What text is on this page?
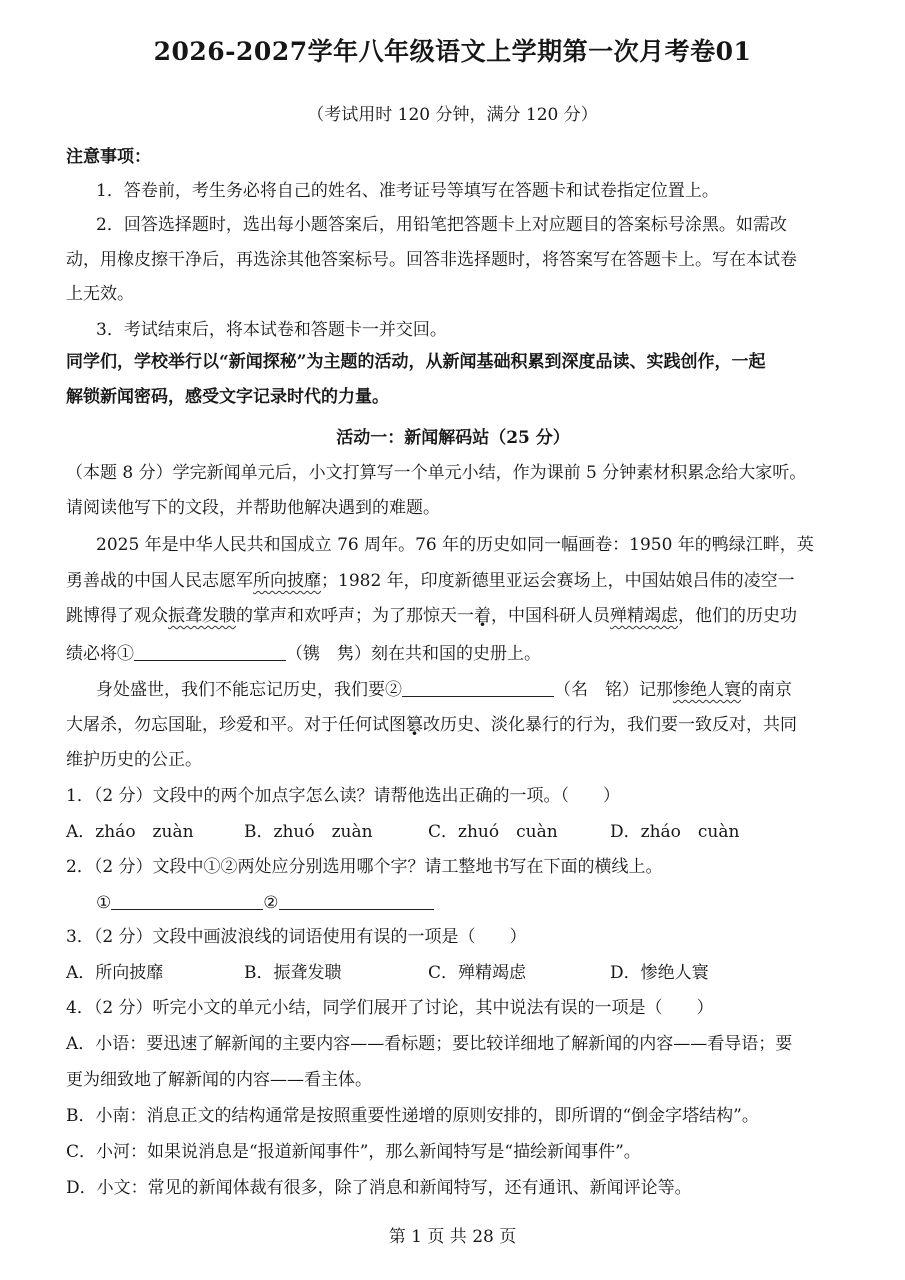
2026-2027学年八年级语文上学期第一次月考卷01
（考试用时 120 分钟，满分 120 分）
注意事项：
1．答卷前，考生务必将自己的姓名、准考证号等填写在答题卡和试卷指定位置上。
2．回答选择题时，选出每小题答案后，用铅笔把答题卡上对应题目的答案标号涂黑。如需改
动，用橡皮擦干净后，再选涂其他答案标号。回答非选择题时，将答案写在答题卡上。写在本试卷
上无效。
3．考试结束后，将本试卷和答题卡一并交回。
同学们，学校举行以“新闻探秘”为主题的活动，从新闻基础积累到深度品读、实践创作，一起
解锁新闻密码，感受文字记录时代的力量。
活动一：新闻解码站（25 分）
（本题 8 分）学完新闻单元后，小文打算写一个单元小结，作为课前 5 分钟素材积累念给大家听。
请阅读他写下的文段，并帮助他解决遇到的难题。
2025 年是中华人民共和国成立 76 周年。76 年的历史如同一幅画卷：1950 年的鸭绿江畔，英
勇善战的中国人民志愿军所向披靡；1982 年，印度新德里亚运会赛场上，中国姑娘吕伟的凌空一
跳博得了观众振聋发聩的掌声和欢呼声；为了那惊天一着 ·，中国科研人员殚精竭虑，他们的历史功
绩必将①	（镌　隽）刻在共和国的史册上。
身处盛世，我们不能忘记历史，我们要②	（名　铭）记那惨绝人寰的南京
大屠杀，勿忘国耻，珍爱和平。对于任何试图篡 ·改历史、淡化暴行的行为，我们要一致反对，共同
维护历史的公正。
1．（2 分）文段中的两个加点字怎么读？请帮他选出正确的一项。（　　）
A．zháo　zuàn	B．zhuó　zuàn	C．zhuó　cuàn	D．zháo　cuàn
2．（2 分）文段中①②两处应分别选用哪个字？请工整地书写在下面的横线上。
①	②
3．（2 分）文段中画波浪线的词语使用有误的一项是（　　）
A．所向披靡	B．振聋发聩	C．殚精竭虑	D．惨绝人寰
4．（2 分）听完小文的单元小结，同学们展开了讨论，其中说法有误的一项是（　　）
A．小语：要迅速了解新闻的主要内容——看标题；要比较详细地了解新闻的内容——看导语；要
更为细致地了解新闻的内容——看主体。
B．小南：消息正文的结构通常是按照重要性递增的原则安排的，即所谓的“倒金字塔结构”。
C．小河：如果说消息是“报道新闻事件”，那么新闻特写是“描绘新闻事件”。
D．小文：常见的新闻体裁有很多，除了消息和新闻特写，还有通讯、新闻评论等。
第 1 页 共 28 页
